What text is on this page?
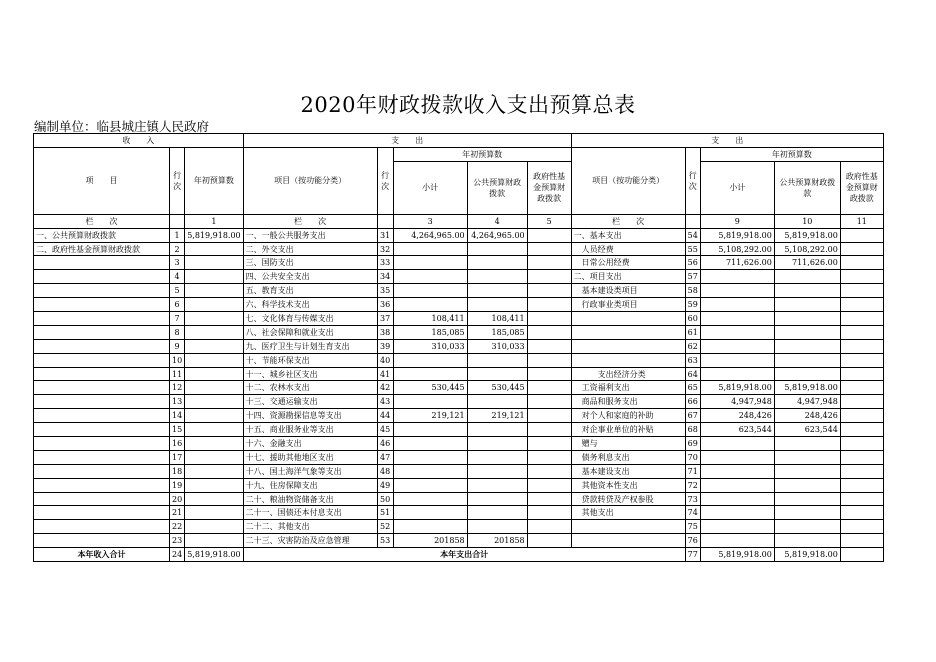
2020年财政拨款收入支出预算总表
编制单位：临县城庄镇人民政府
收　　入			支　　出					支　　出				
项　　目	行次	年初预算数	项目（按功能分类）	行次	年初预算数			项目（按功能分类）	行次	年初预算数		
					小计	公共预算财政拨款	政府性基金预算财政拨款			小计	公共预算财政拨款	政府性基金预算财政拨款
栏　　次		1	栏　　次		3	4	5	栏　　次		9	10	11
一、公共预算财政拨款	1	5,819,918.00	一、一般公共服务支出	31	4,264,965.00	4,264,965.00		一、基本支出	54	5,819,918.00	5,819,918.00	
二、政府性基金预算财政拨款	2		二、外交支出	32				　人员经费	55	5,108,292.00	5,108,292.00	
	3		三、国防支出	33				　日常公用经费	56	711,626.00	711,626.00	
	4		四、公共安全支出	34				二、项目支出	57			
	5		五、教育支出	35				　基本建设类项目	58			
	6		六、科学技术支出	36				　行政事业类项目	59			
	7		七、文化体育与传媒支出	37	108,411	108,411			60			
	8		八、社会保障和就业支出	38	185,085	185,085			61			
	9		九、医疗卫生与计划生育支出	39	310,033	310,033			62			
	10		十、节能环保支出	40					63			
	11		十一、城乡社区支出	41				　　　支出经济分类	64			
	12		十二、农林水支出	42	530,445	530,445		　工资福利支出	65	5,819,918.00	5,819,918.00	
	13		十三、交通运输支出	43				　商品和服务支出	66	4,947,948	4,947,948	
	14		十四、资源勘探信息等支出	44	219,121	219,121		　对个人和家庭的补助	67	248,426	248,426	
	15		十五、商业服务业等支出	45				　对企事业单位的补贴	68	623,544	623,544	
	16		十六、金融支出	46				　赠与	69			
	17		十七、援助其他地区支出	47				　债务利息支出	70			
	18		十八、国土海洋气象等支出	48				　基本建设支出	71			
	19		十九、住房保障支出	49				　其他资本性支出	72			
	20		二十、粮油物资储备支出	50				　贷款转贷及产权参股	73			
	21		二十一、国债还本付息支出	51				　其他支出	74			
	22		二十二、其他支出	52					75			
	23		二十三、灾害防治及应急管理	53	201858	201858			76			
本年收入合计	24	5,819,918.00	本年支出合计						77	5,819,918.00	5,819,918.00	
